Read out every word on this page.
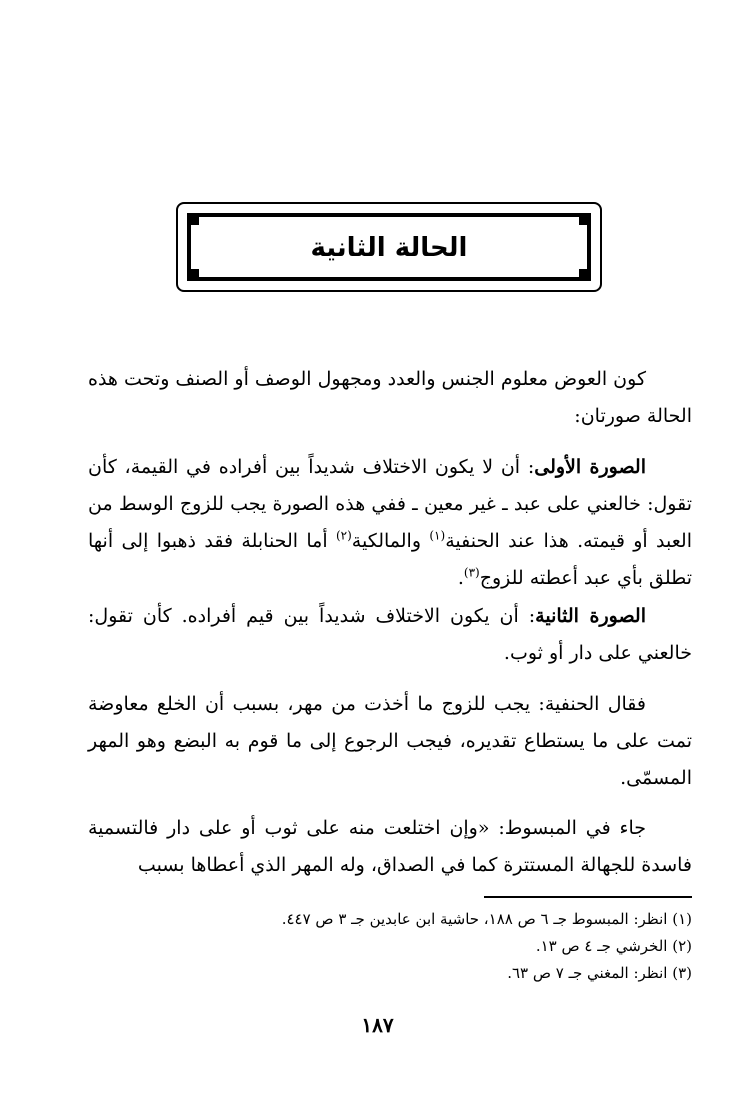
الحالة الثانية

كون العوض معلوم الجنس والعدد ومجهول الوصف أو الصنف وتحت هذه الحالة صورتان:

الصورة الأولى: أن لا يكون الاختلاف شديداً بين أفراده في القيمة، كأن تقول: خالعني على عبد ـ غير معين ـ ففي هذه الصورة يجب للزوج الوسط من العبد أو قيمته. هذا عند الحنفية$^{(١)}$ والمالكية$^{(٢)}$ أما الحنابلة فقد ذهبوا إلى أنها تطلق بأي عبد أعطته للزوج$^{(٣)}$.

الصورة الثانية: أن يكون الاختلاف شديداً بين قيم أفراده. كأن تقول: خالعني على دار أو ثوب.

فقال الحنفية: يجب للزوج ما أخذت من مهر، بسبب أن الخلع معاوضة تمت على ما يستطاع تقديره، فيجب الرجوع إلى ما قوم به البضع وهو المهر المسمّى.

جاء في المبسوط: «وإن اختلعت منه على ثوب أو على دار فالتسمية فاسدة للجهالة المستترة كما في الصداق، وله المهر الذي أعطاها بسبب

(١) انظر: المبسوط جـ ٦ ص ١٨٨، حاشية ابن عابدين جـ ٣ ص ٤٤٧.
(٢) الخرشي جـ ٤ ص ١٣.
(٣) انظر: المغني جـ ٧ ص ٦٣.
١٨٧
